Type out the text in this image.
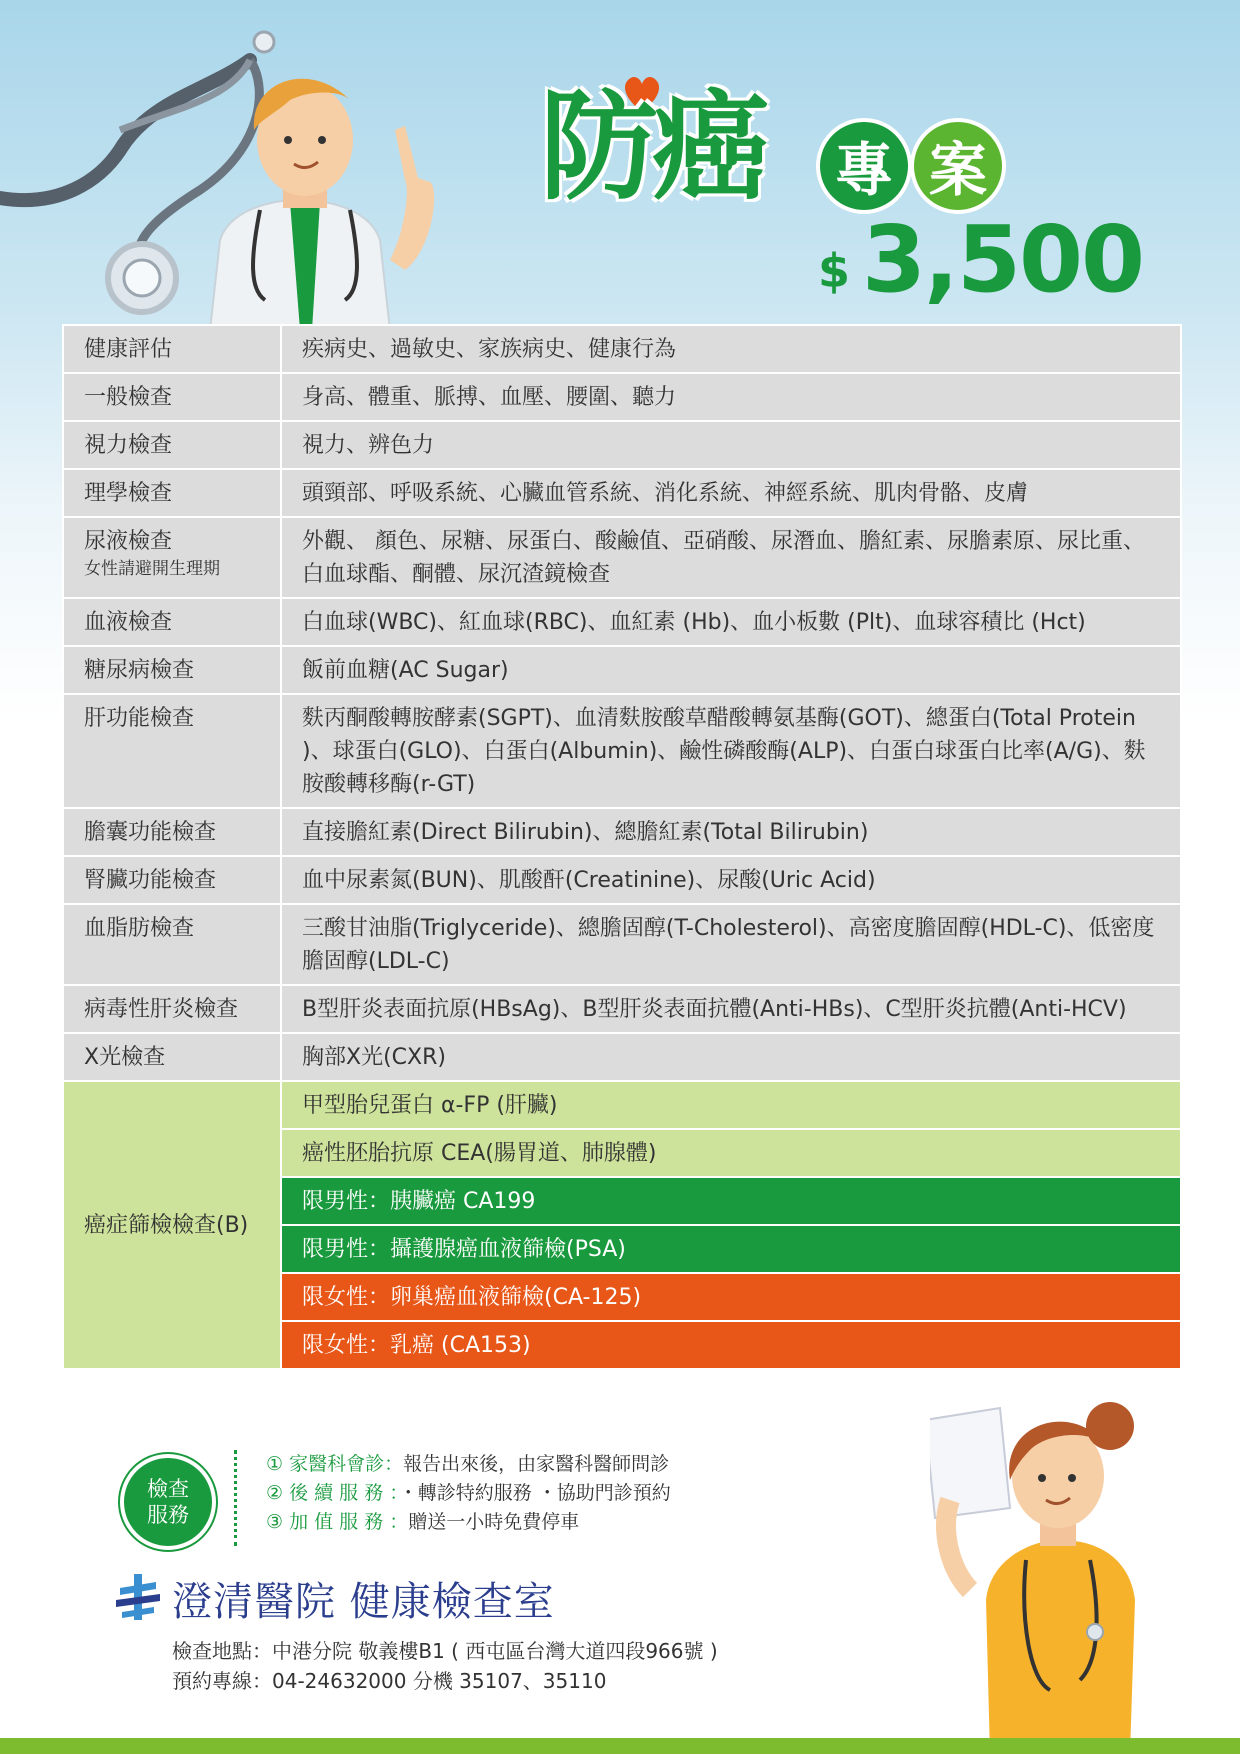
防癌	專 案
$ 3,500
健康評估	疾病史、過敏史、家族病史、健康行為
一般檢查	身高、體重、脈搏、血壓、腰圍、聽力
視力檢查	視力、辨色力
理學檢查	頭頸部、呼吸系統、心臟血管系統、消化系統、神經系統、肌肉骨骼、皮膚
尿液檢查
女性請避開生理期	外觀、 顏色、尿糖、尿蛋白、酸鹼值、亞硝酸、尿潛血、膽紅素、尿膽素原、尿比重、白血球酯、酮體、尿沉渣鏡檢查
血液檢查	白血球(WBC)、紅血球(RBC)、血紅素 (Hb)、血小板數 (Plt)、血球容積比 (Hct)
糖尿病檢查	飯前血糖(AC Sugar)
肝功能檢查	麩丙酮酸轉胺酵素(SGPT)、血清麩胺酸草醋酸轉氨基酶(GOT)、總蛋白(Total Protein )、球蛋白(GLO)、白蛋白(Albumin)、鹼性磷酸酶(ALP)、白蛋白球蛋白比率(A/G)、麩胺酸轉移酶(r-GT)
膽囊功能檢查	直接膽紅素(Direct Bilirubin)、總膽紅素(Total Bilirubin)
腎臟功能檢查	血中尿素氮(BUN)、肌酸酐(Creatinine)、尿酸(Uric Acid)
血脂肪檢查	三酸甘油脂(Triglyceride)、總膽固醇(T-Cholesterol)、高密度膽固醇(HDL-C)、低密度膽固醇(LDL-C)
病毒性肝炎檢查	B型肝炎表面抗原(HBsAg)、B型肝炎表面抗體(Anti-HBs)、C型肝炎抗體(Anti-HCV)
X光檢查	胸部X光(CXR)
癌症篩檢檢查(B)	甲型胎兒蛋白 α-FP (肝臟)
	癌性胚胎抗原 CEA(腸胃道、肺腺體)
	限男性：胰臟癌 CA199
	限男性：攝護腺癌血液篩檢(PSA)
	限女性：卵巢癌血液篩檢(CA-125)
	限女性：乳癌 (CA153)
檢查
服務
① 家醫科會診：報告出來後，由家醫科醫師問診
② 後 續 服 務 ：・轉診特約服務 ・協助門診預約
③ 加 值 服 務 ：贈送一小時免費停車
澄清醫院 健康檢查室
檢查地點：中港分院 敬義樓B1 ( 西屯區台灣大道四段966號 )
預約專線：04-24632000 分機 35107、35110
